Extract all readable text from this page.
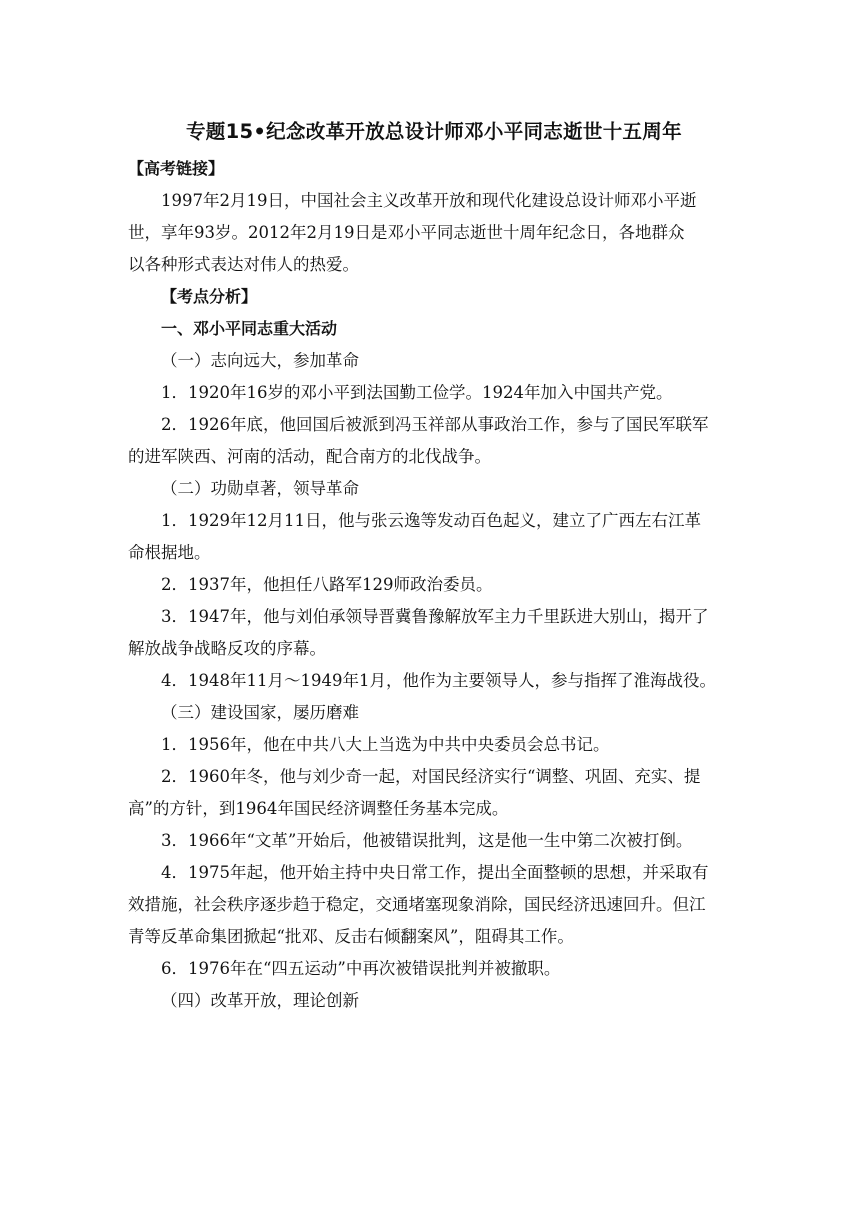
专题15•纪念改革开放总设计师邓小平同志逝世十五周年
【高考链接】
1997年2月19日，中国社会主义改革开放和现代化建设总设计师邓小平逝
世，享年93岁。2012年2月19日是邓小平同志逝世十周年纪念日，各地群众
以各种形式表达对伟人的热爱。
【考点分析】
一、邓小平同志重大活动
（一）志向远大，参加革命
1．1920年16岁的邓小平到法国勤工俭学。1924年加入中国共产党。
2．1926年底，他回国后被派到冯玉祥部从事政治工作，参与了国民军联军
的进军陕西、河南的活动，配合南方的北伐战争。
（二）功勋卓著，领导革命
1．1929年12月11日，他与张云逸等发动百色起义，建立了广西左右江革
命根据地。
2．1937年，他担任八路军129师政治委员。
3．1947年，他与刘伯承领导晋冀鲁豫解放军主力千里跃进大别山，揭开了
解放战争战略反攻的序幕。
4．1948年11月～1949年1月，他作为主要领导人，参与指挥了淮海战役。
（三）建设国家，屡历磨难
1．1956年，他在中共八大上当选为中共中央委员会总书记。
2．1960年冬，他与刘少奇一起，对国民经济实行“调整、巩固、充实、提
高”的方针，到1964年国民经济调整任务基本完成。
3．1966年“文革”开始后，他被错误批判，这是他一生中第二次被打倒。
4．1975年起，他开始主持中央日常工作，提出全面整顿的思想，并采取有
效措施，社会秩序逐步趋于稳定，交通堵塞现象消除，国民经济迅速回升。但江
青等反革命集团掀起“批邓、反击右倾翻案风”，阻碍其工作。
6．1976年在“四五运动”中再次被错误批判并被撤职。
（四）改革开放，理论创新
